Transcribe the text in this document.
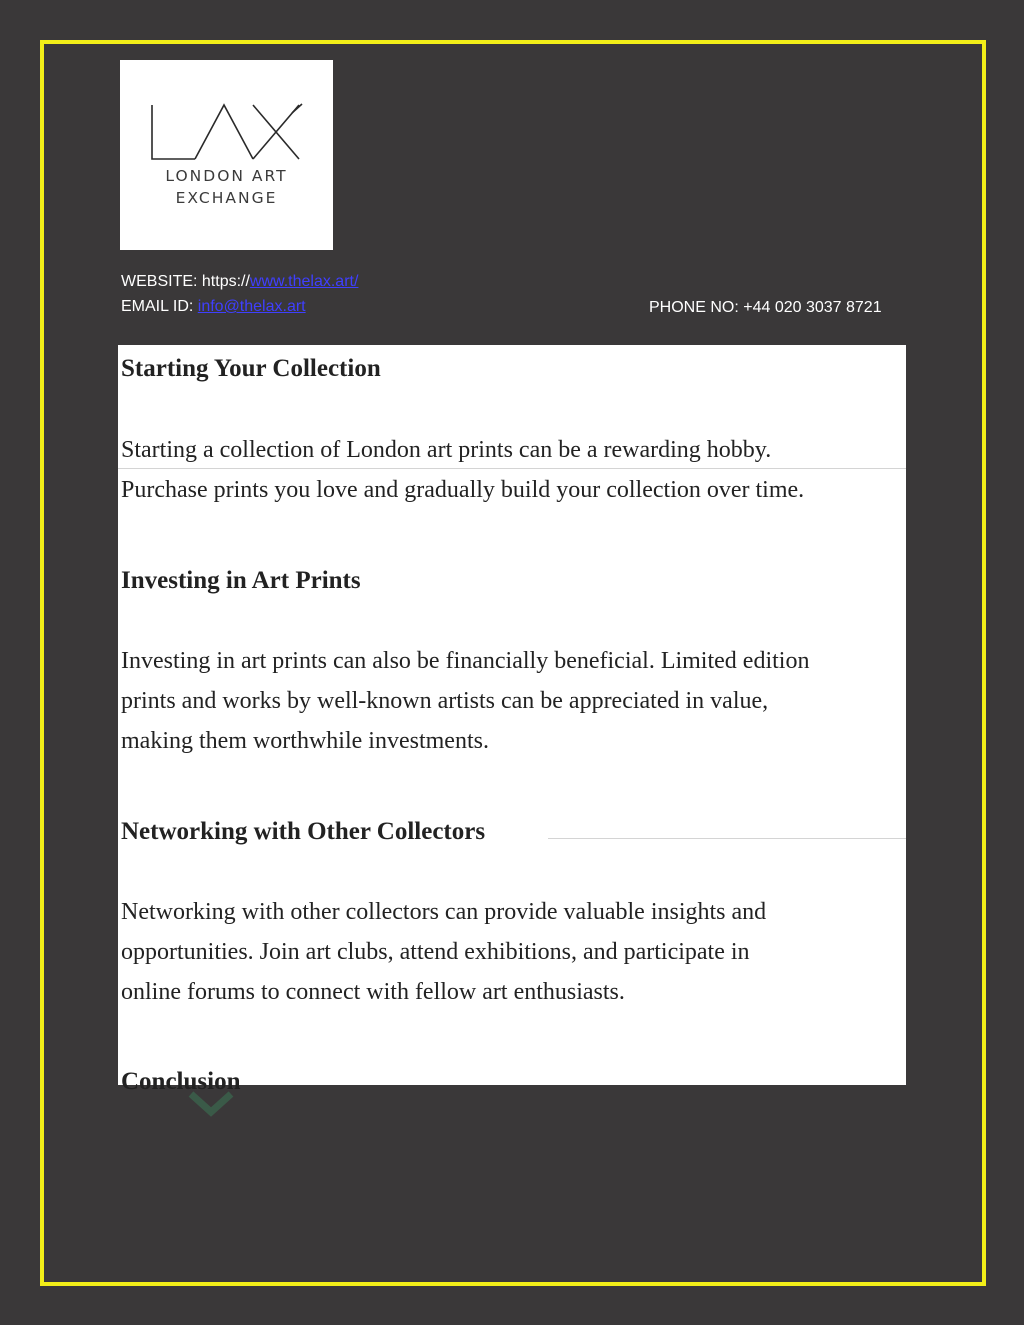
LONDON ART
EXCHANGE
WEBSITE: https://www.thelax.art/
EMAIL ID: info@thelax.art	PHONE NO: +44 020 3037 8721
Starting Your Collection
Starting a collection of London art prints can be a rewarding hobby.
Purchase prints you love and gradually build your collection over time.
Investing in Art Prints
Investing in art prints can also be financially beneficial. Limited edition
prints and works by well-known artists can be appreciated in value,
making them worthwhile investments.
Networking with Other Collectors
Networking with other collectors can provide valuable insights and
opportunities. Join art clubs, attend exhibitions, and participate in
online forums to connect with fellow art enthusiasts.
Conclusion
